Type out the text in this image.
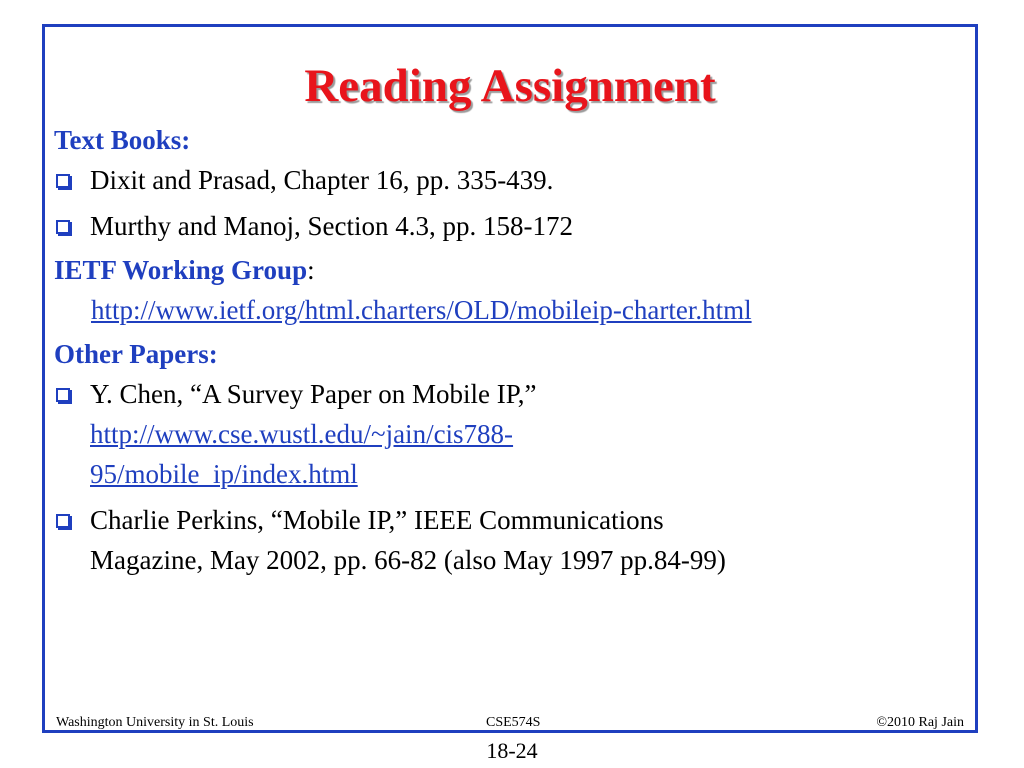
Reading Assignment

Text Books:

Dixit and Prasad, Chapter 16, pp. 335-439.
Murthy and Manoj, Section 4.3, pp. 158-172

IETF Working Group:

http://www.ietf.org/html.charters/OLD/mobileip-charter.html

Other Papers:

Y. Chen, “A Survey Paper on Mobile IP,”
http://www.cse.wustl.edu/~jain/cis788-
95/mobile_ip/index.html
Charlie Perkins, “Mobile IP,” IEEE Communications
Magazine, May 2002, pp. 66-82 (also May 1997 pp.84-99)
Washington University in St. Louis	CSE574S	©2010 Raj Jain
18-24
